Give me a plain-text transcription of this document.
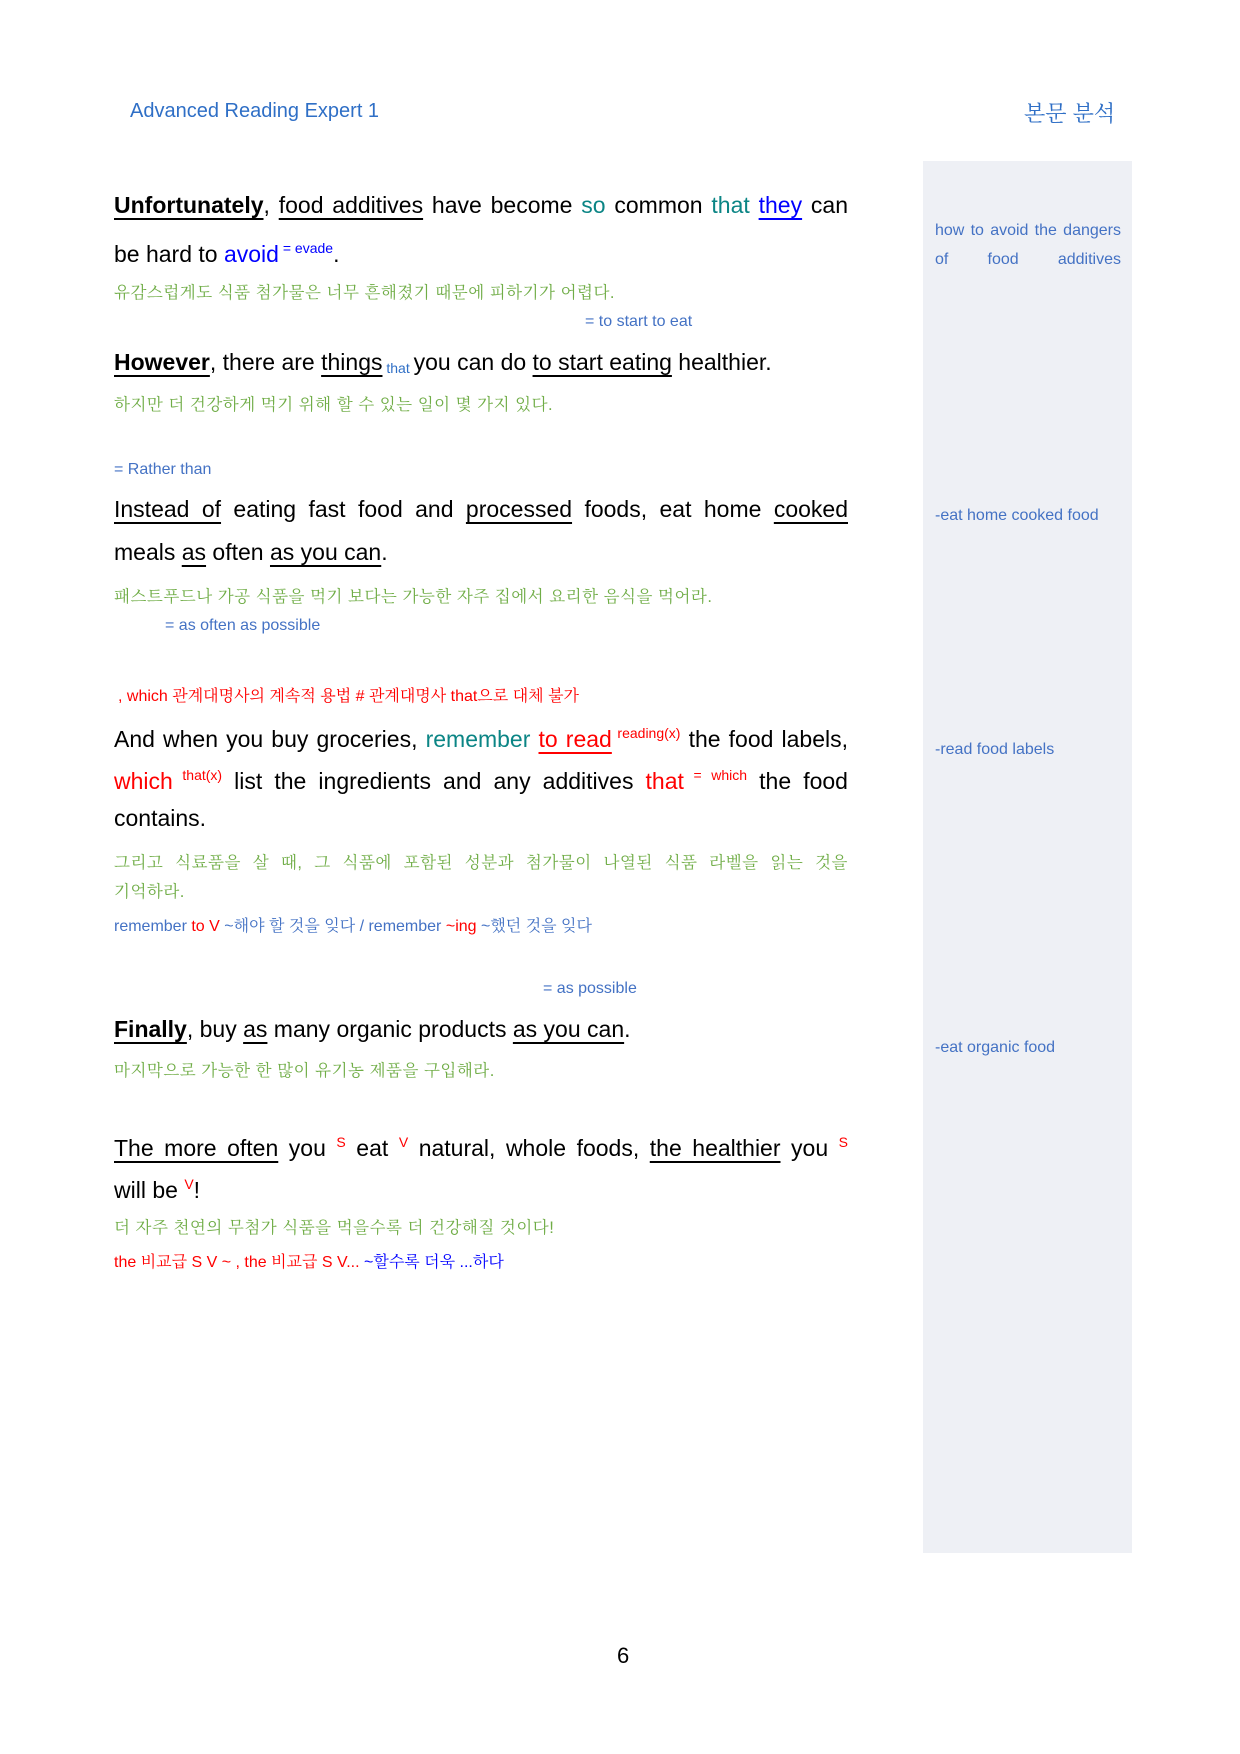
Advanced Reading Expert 1	본문 분석
Unfortunately, food additives have become so common that they can
be hard to avoid $^{= evade}$.
유감스럽게도 식품 첨가물은 너무 흔해졌기 때문에 피하기가 어렵다.
= to start to eat
However, there are things that you can do to start eating healthier.
하지만 더 건강하게 먹기 위해 할 수 있는 일이 몇 가지 있다.
= Rather than
Instead of eating fast food and processed foods, eat home cooked
meals as often as you can.
패스트푸드나 가공 식품을 먹기 보다는 가능한 자주 집에서 요리한 음식을 먹어라.
= as often as possible
, which 관계대명사의 계속적 용법 # 관계대명사 that으로 대체 불가
And when you buy groceries, remember to read $^{reading(x)}$ the food labels,
which $^{that(x)}$ list the ingredients and any additives that $^{= which}$ the food
contains.
그리고 식료품을 살 때, 그 식품에 포함된 성분과 첨가물이 나열된 식품 라벨을 읽는 것을
기억하라.
remember to V ~해야 할 것을 잊다 / remember ~ing ~했던 것을 잊다
= as possible
Finally, buy as many organic products as you can.
마지막으로 가능한 한 많이 유기농 제품을 구입해라.
The more often you $^S$ eat $^V$ natural, whole foods, the healthier you $^S$
will be $^V$!
더 자주 천연의 무첨가 식품을 먹을수록 더 건강해질 것이다!
the 비교급 S V ~ , the 비교급 S V... ~할수록 더욱 ...하다
how to avoid the dangers of food additives
-eat home cooked food
-read food labels
-eat organic food
6
